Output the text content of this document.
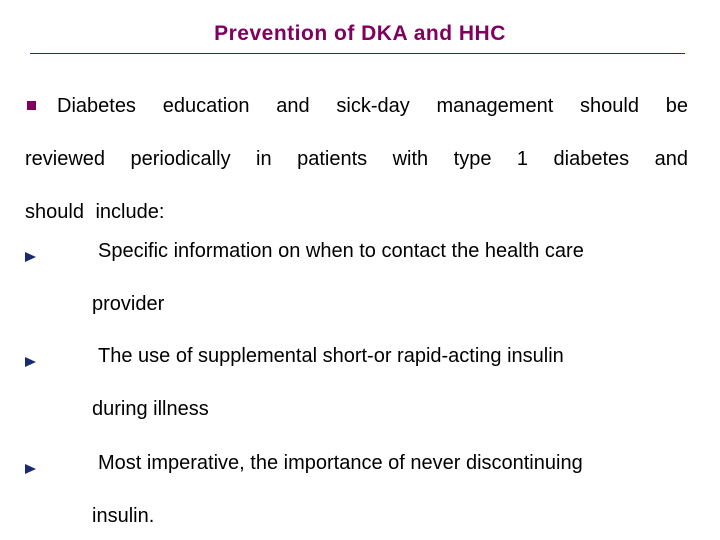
Prevention of DKA and HHC
Diabetes education and sick-day management should be
reviewed periodically in patients with type 1 diabetes and
should include:
Specific information on when to contact the health care
provider
The use of supplemental short-or rapid-acting insulin
during illness
Most imperative, the importance of never discontinuing
insulin.
